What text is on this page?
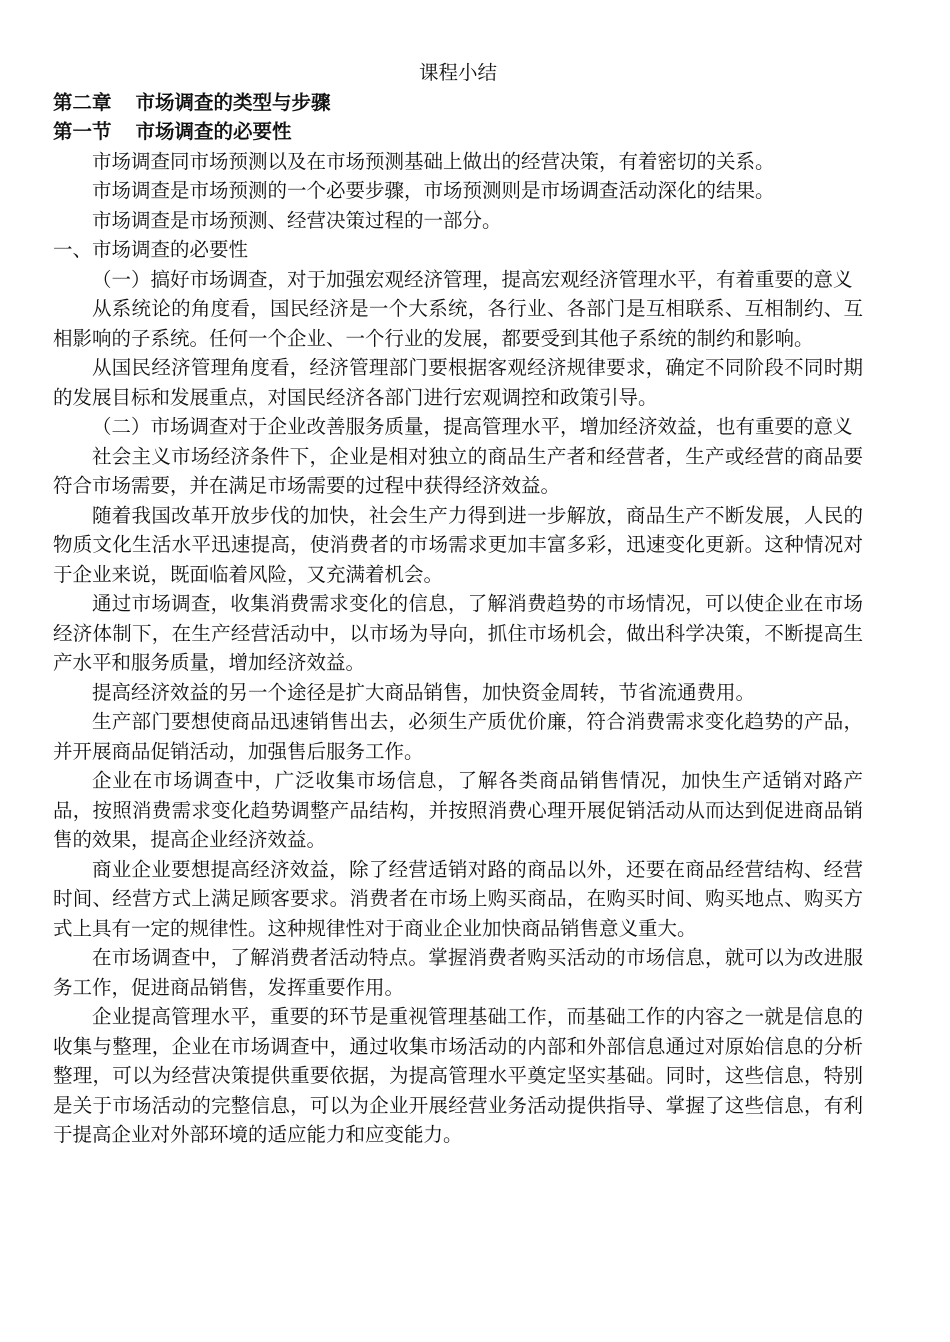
课程小结

第二章 市场调查的类型与步骤

第一节 市场调查的必要性

市场调查同市场预测以及在市场预测基础上做出的经营决策，有着密切的关系。

市场调查是市场预测的一个必要步骤，市场预测则是市场调查活动深化的结果。

市场调查是市场预测、经营决策过程的一部分。

一、市场调查的必要性

（一）搞好市场调查，对于加强宏观经济管理，提高宏观经济管理水平，有着重要的意义

从系统论的角度看，国民经济是一个大系统，各行业、各部门是互相联系、互相制约、互相影响的子系统。任何一个企业、一个行业的发展，都要受到其他子系统的制约和影响。

从国民经济管理角度看，经济管理部门要根据客观经济规律要求，确定不同阶段不同时期的发展目标和发展重点，对国民经济各部门进行宏观调控和政策引导。

（二）市场调查对于企业改善服务质量，提高管理水平，增加经济效益，也有重要的意义

社会主义市场经济条件下，企业是相对独立的商品生产者和经营者，生产或经营的商品要符合市场需要，并在满足市场需要的过程中获得经济效益。

随着我国改革开放步伐的加快，社会生产力得到进一步解放，商品生产不断发展，人民的物质文化生活水平迅速提高，使消费者的市场需求更加丰富多彩，迅速变化更新。这种情况对于企业来说，既面临着风险，又充满着机会。

通过市场调查，收集消费需求变化的信息，了解消费趋势的市场情况，可以使企业在市场经济体制下，在生产经营活动中，以市场为导向，抓住市场机会，做出科学决策，不断提高生产水平和服务质量，增加经济效益。

提高经济效益的另一个途径是扩大商品销售，加快资金周转，节省流通费用。

生产部门要想使商品迅速销售出去，必须生产质优价廉，符合消费需求变化趋势的产品，并开展商品促销活动，加强售后服务工作。

企业在市场调查中，广泛收集市场信息，了解各类商品销售情况，加快生产适销对路产品，按照消费需求变化趋势调整产品结构，并按照消费心理开展促销活动从而达到促进商品销售的效果，提高企业经济效益。

商业企业要想提高经济效益，除了经营适销对路的商品以外，还要在商品经营结构、经营时间、经营方式上满足顾客要求。消费者在市场上购买商品，在购买时间、购买地点、购买方式上具有一定的规律性。这种规律性对于商业企业加快商品销售意义重大。

在市场调查中，了解消费者活动特点。掌握消费者购买活动的市场信息，就可以为改进服务工作，促进商品销售，发挥重要作用。

企业提高管理水平，重要的环节是重视管理基础工作，而基础工作的内容之一就是信息的收集与整理，企业在市场调查中，通过收集市场活动的内部和外部信息通过对原始信息的分析整理，可以为经营决策提供重要依据，为提高管理水平奠定坚实基础。同时，这些信息，特别是关于市场活动的完整信息，可以为企业开展经营业务活动提供指导、掌握了这些信息，有利于提高企业对外部环境的适应能力和应变能力。
